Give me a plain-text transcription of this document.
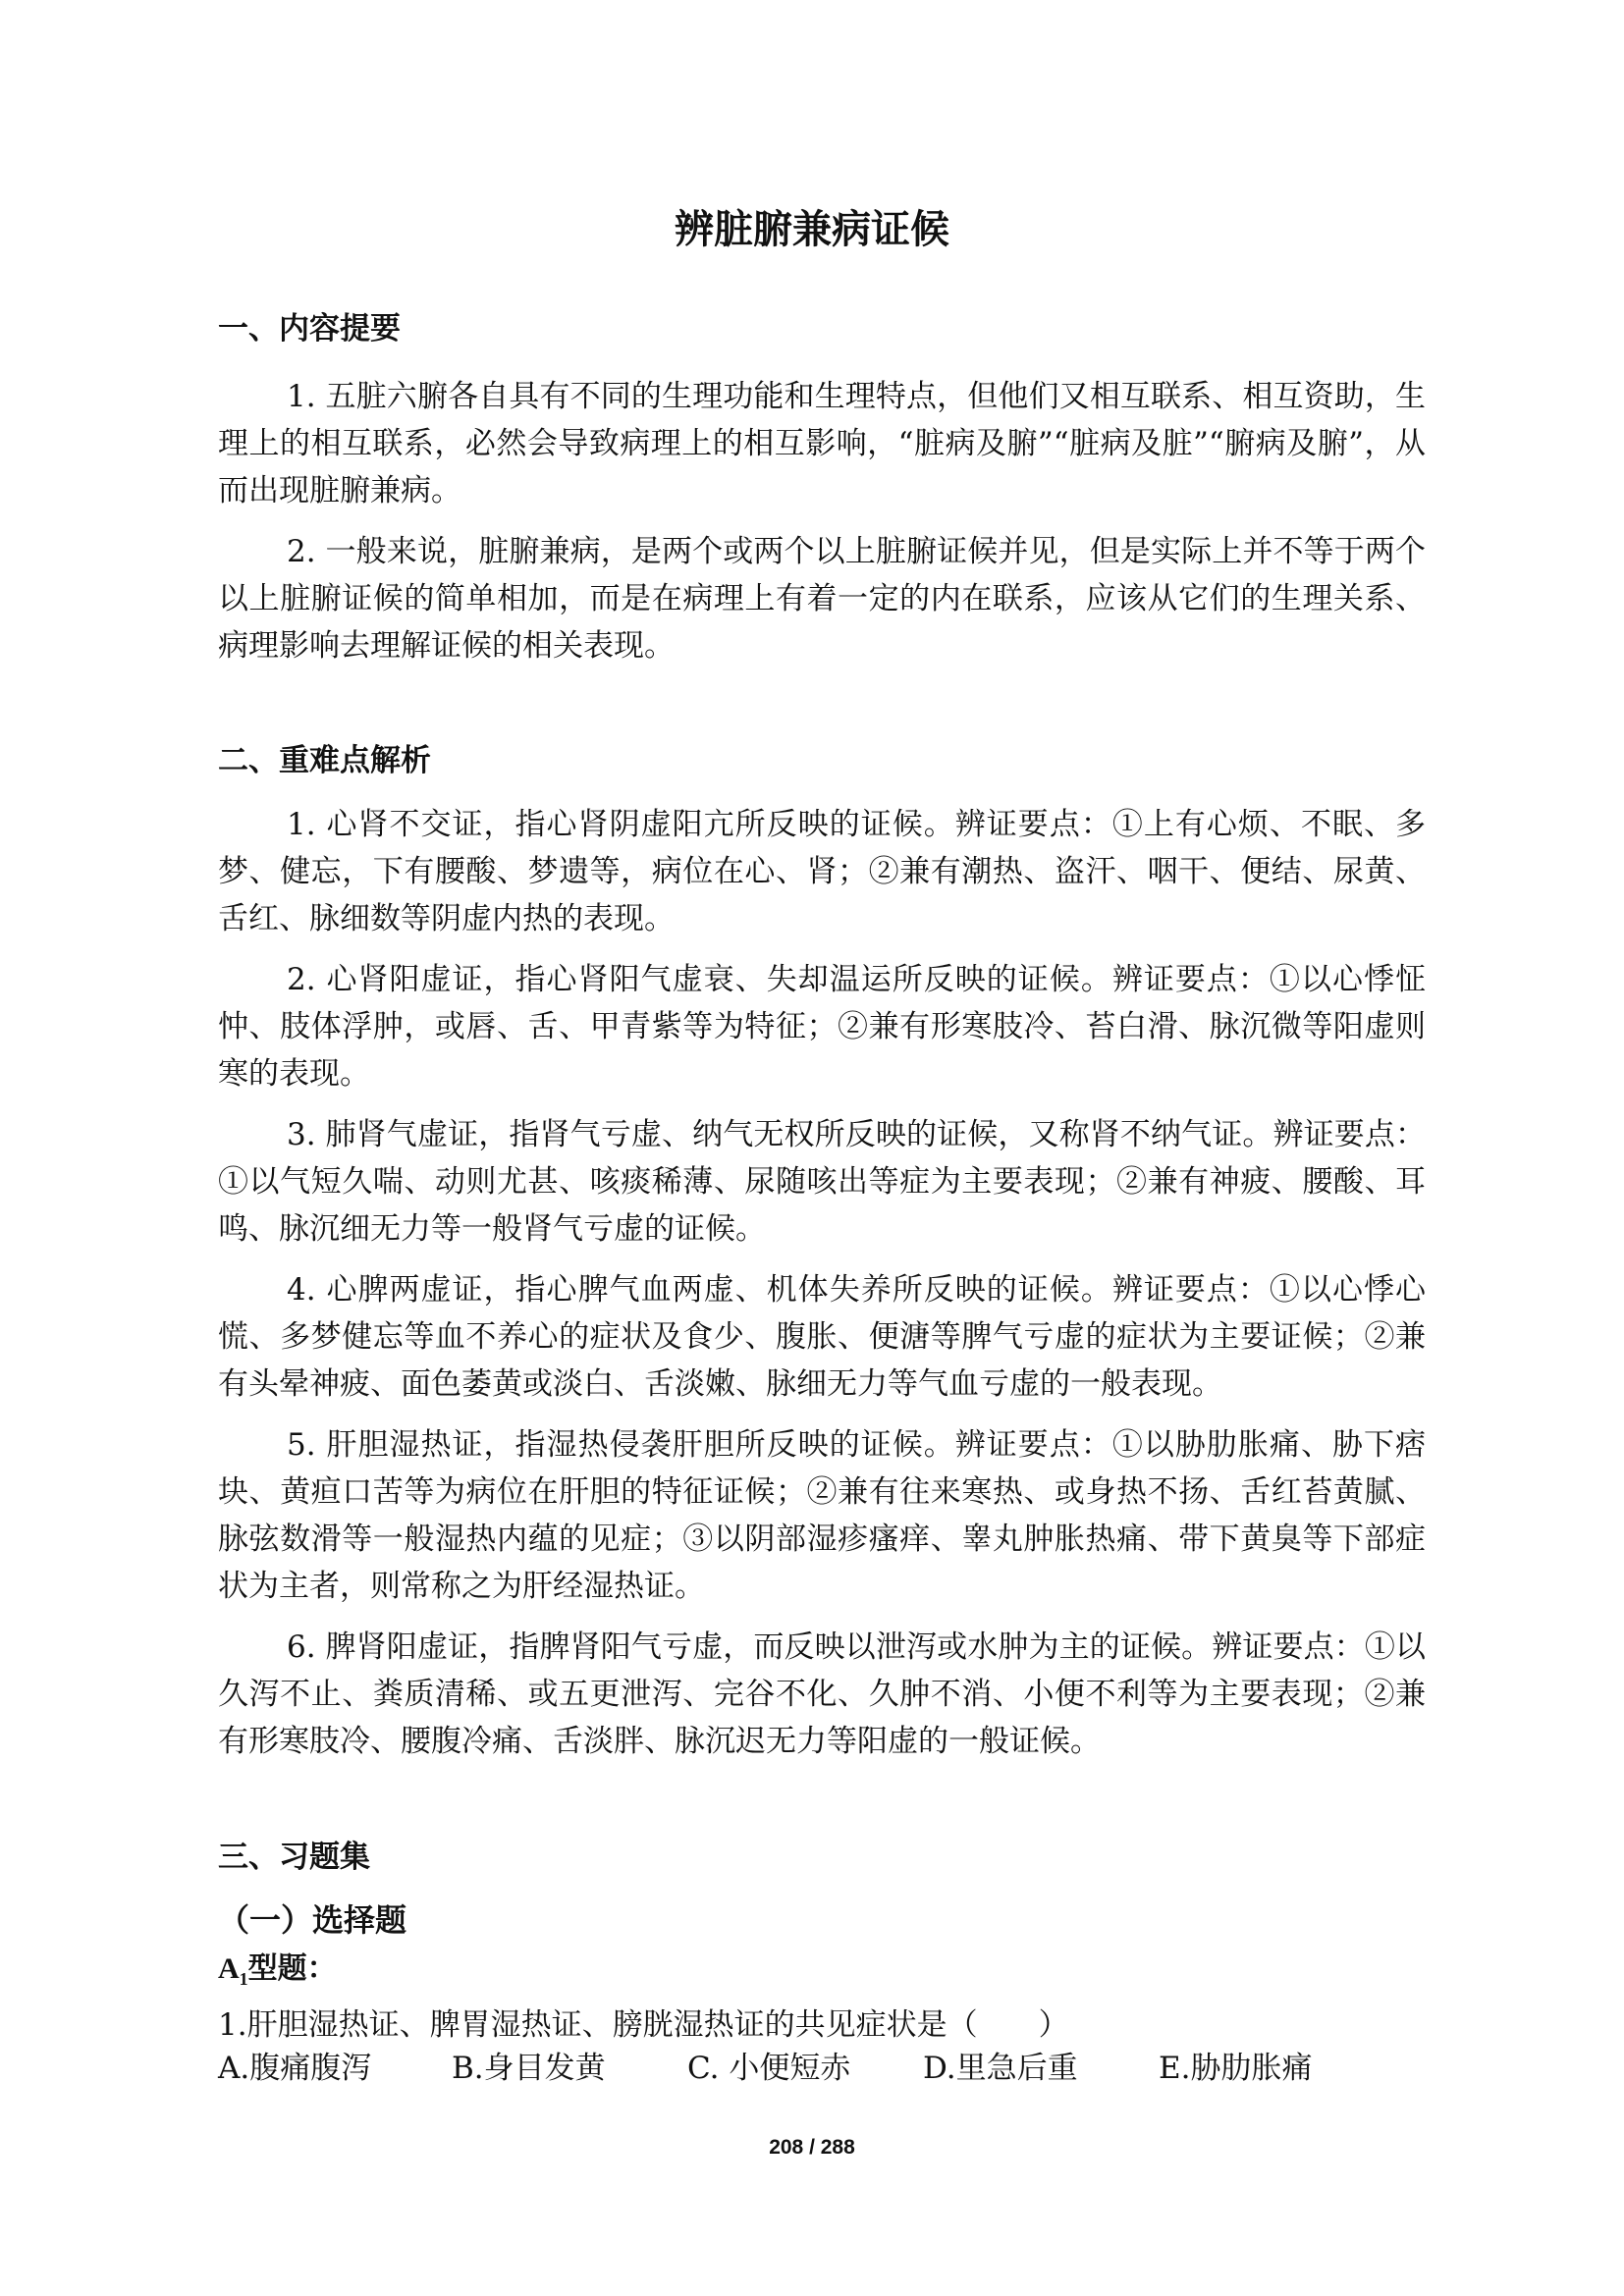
辨脏腑兼病证候
一、内容提要

1. 五脏六腑各自具有不同的生理功能和生理特点，但他们又相互联系、相互资助，生理上的相互联系，必然会导致病理上的相互影响，“脏病及腑”“脏病及脏”“腑病及腑”，从而出现脏腑兼病。

2. 一般来说，脏腑兼病，是两个或两个以上脏腑证候并见，但是实际上并不等于两个以上脏腑证候的简单相加，而是在病理上有着一定的内在联系，应该从它们的生理关系、病理影响去理解证候的相关表现。

二、重难点解析

1. 心肾不交证，指心肾阴虚阳亢所反映的证候。辨证要点：①上有心烦、不眠、多梦、健忘，下有腰酸、梦遗等，病位在心、肾；②兼有潮热、盗汗、咽干、便结、尿黄、舌红、脉细数等阴虚内热的表现。

2. 心肾阳虚证，指心肾阳气虚衰、失却温运所反映的证候。辨证要点：①以心悸怔忡、肢体浮肿，或唇、舌、甲青紫等为特征；②兼有形寒肢冷、苔白滑、脉沉微等阳虚则寒的表现。

3. 肺肾气虚证，指肾气亏虚、纳气无权所反映的证候，又称肾不纳气证。辨证要点：①以气短久喘、动则尤甚、咳痰稀薄、尿随咳出等症为主要表现；②兼有神疲、腰酸、耳鸣、脉沉细无力等一般肾气亏虚的证候。

4. 心脾两虚证，指心脾气血两虚、机体失养所反映的证候。辨证要点：①以心悸心慌、多梦健忘等血不养心的症状及食少、腹胀、便溏等脾气亏虚的症状为主要证候；②兼有头晕神疲、面色萎黄或淡白、舌淡嫩、脉细无力等气血亏虚的一般表现。

5. 肝胆湿热证，指湿热侵袭肝胆所反映的证候。辨证要点：①以胁肋胀痛、胁下痞块、黄疸口苦等为病位在肝胆的特征证候；②兼有往来寒热、或身热不扬、舌红苔黄腻、脉弦数滑等一般湿热内蕴的见症；③以阴部湿疹瘙痒、睾丸肿胀热痛、带下黄臭等下部症状为主者，则常称之为肝经湿热证。

6. 脾肾阳虚证，指脾肾阳气亏虚，而反映以泄泻或水肿为主的证候。辨证要点：①以久泻不止、粪质清稀、或五更泄泻、完谷不化、久肿不消、小便不利等为主要表现；②兼有形寒肢冷、腰腹冷痛、舌淡胖、脉沉迟无力等阳虚的一般证候。

三、习题集
（一）选择题
$A_1$型题：
1.肝胆湿热证、脾胃湿热证、膀胱湿热证的共见症状是（　　）
A.腹痛腹泻	B.身目发黄	C. 小便短赤 D.里急后重	E.胁肋胀痛
208 / 288
